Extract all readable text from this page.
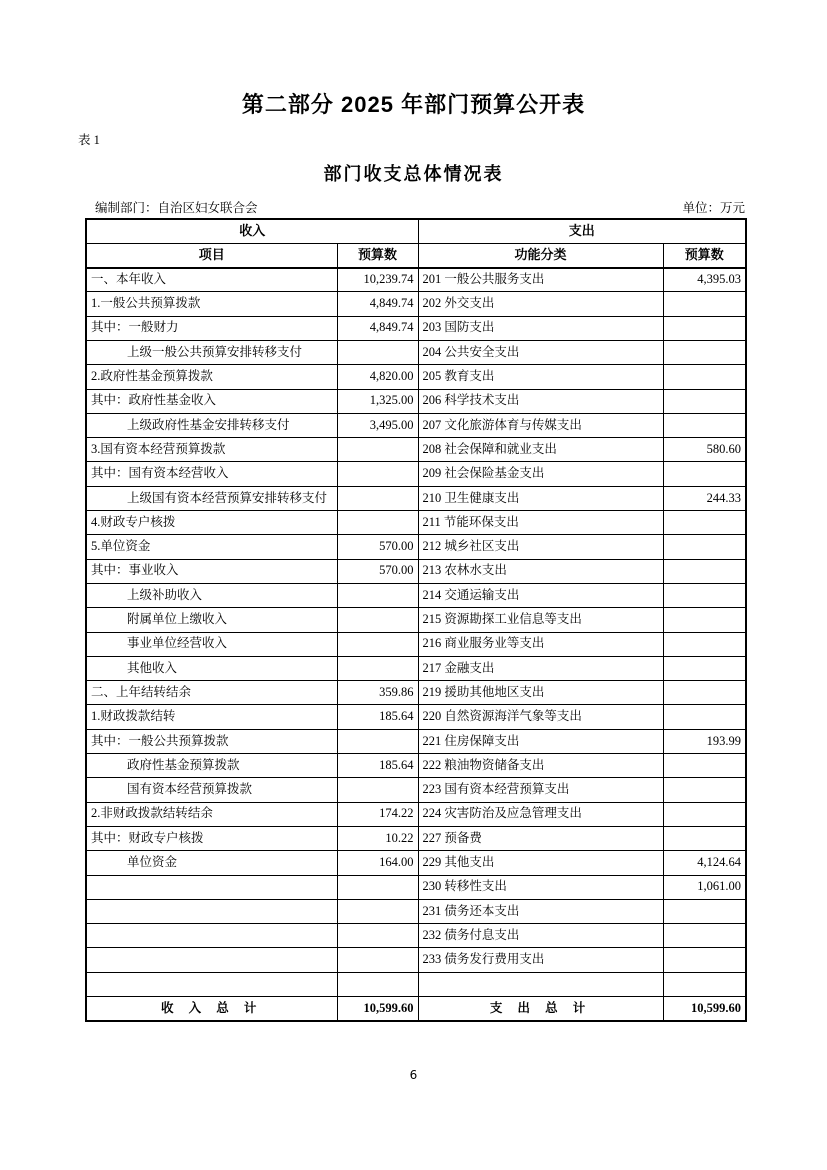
第二部分 2025 年部门预算公开表
表 1
部门收支总体情况表
编制部门：自治区妇女联合会	单位：万元
收入		支出	
项目	预算数	功能分类	预算数
一、本年收入	10,239.74	201 一般公共服务支出	4,395.03
1.一般公共预算拨款	4,849.74	202 外交支出	
其中：一般财力	4,849.74	203 国防支出	
上级一般公共预算安排转移支付		204 公共安全支出	
2.政府性基金预算拨款	4,820.00	205 教育支出	
其中：政府性基金收入	1,325.00	206 科学技术支出	
上级政府性基金安排转移支付	3,495.00	207 文化旅游体育与传媒支出	
3.国有资本经营预算拨款		208 社会保障和就业支出	580.60
其中：国有资本经营收入		209 社会保险基金支出	
上级国有资本经营预算安排转移支付		210 卫生健康支出	244.33
4.财政专户核拨		211 节能环保支出	
5.单位资金	570.00	212 城乡社区支出	
其中：事业收入	570.00	213 农林水支出	
上级补助收入		214 交通运输支出	
附属单位上缴收入		215 资源勘探工业信息等支出	
事业单位经营收入		216 商业服务业等支出	
其他收入		217 金融支出	
二、上年结转结余	359.86	219 援助其他地区支出	
1.财政拨款结转	185.64	220 自然资源海洋气象等支出	
其中：一般公共预算拨款		221 住房保障支出	193.99
政府性基金预算拨款	185.64	222 粮油物资储备支出	
国有资本经营预算拨款		223 国有资本经营预算支出	
2.非财政拨款结转结余	174.22	224 灾害防治及应急管理支出	
其中：财政专户核拨	10.22	227 预备费	
单位资金	164.00	229 其他支出	4,124.64
		230 转移性支出	1,061.00
		231 债务还本支出	
		232 债务付息支出	
		233 债务发行费用支出	

收 入 总 计	10,599.60	支 出 总 计	10,599.60
6
